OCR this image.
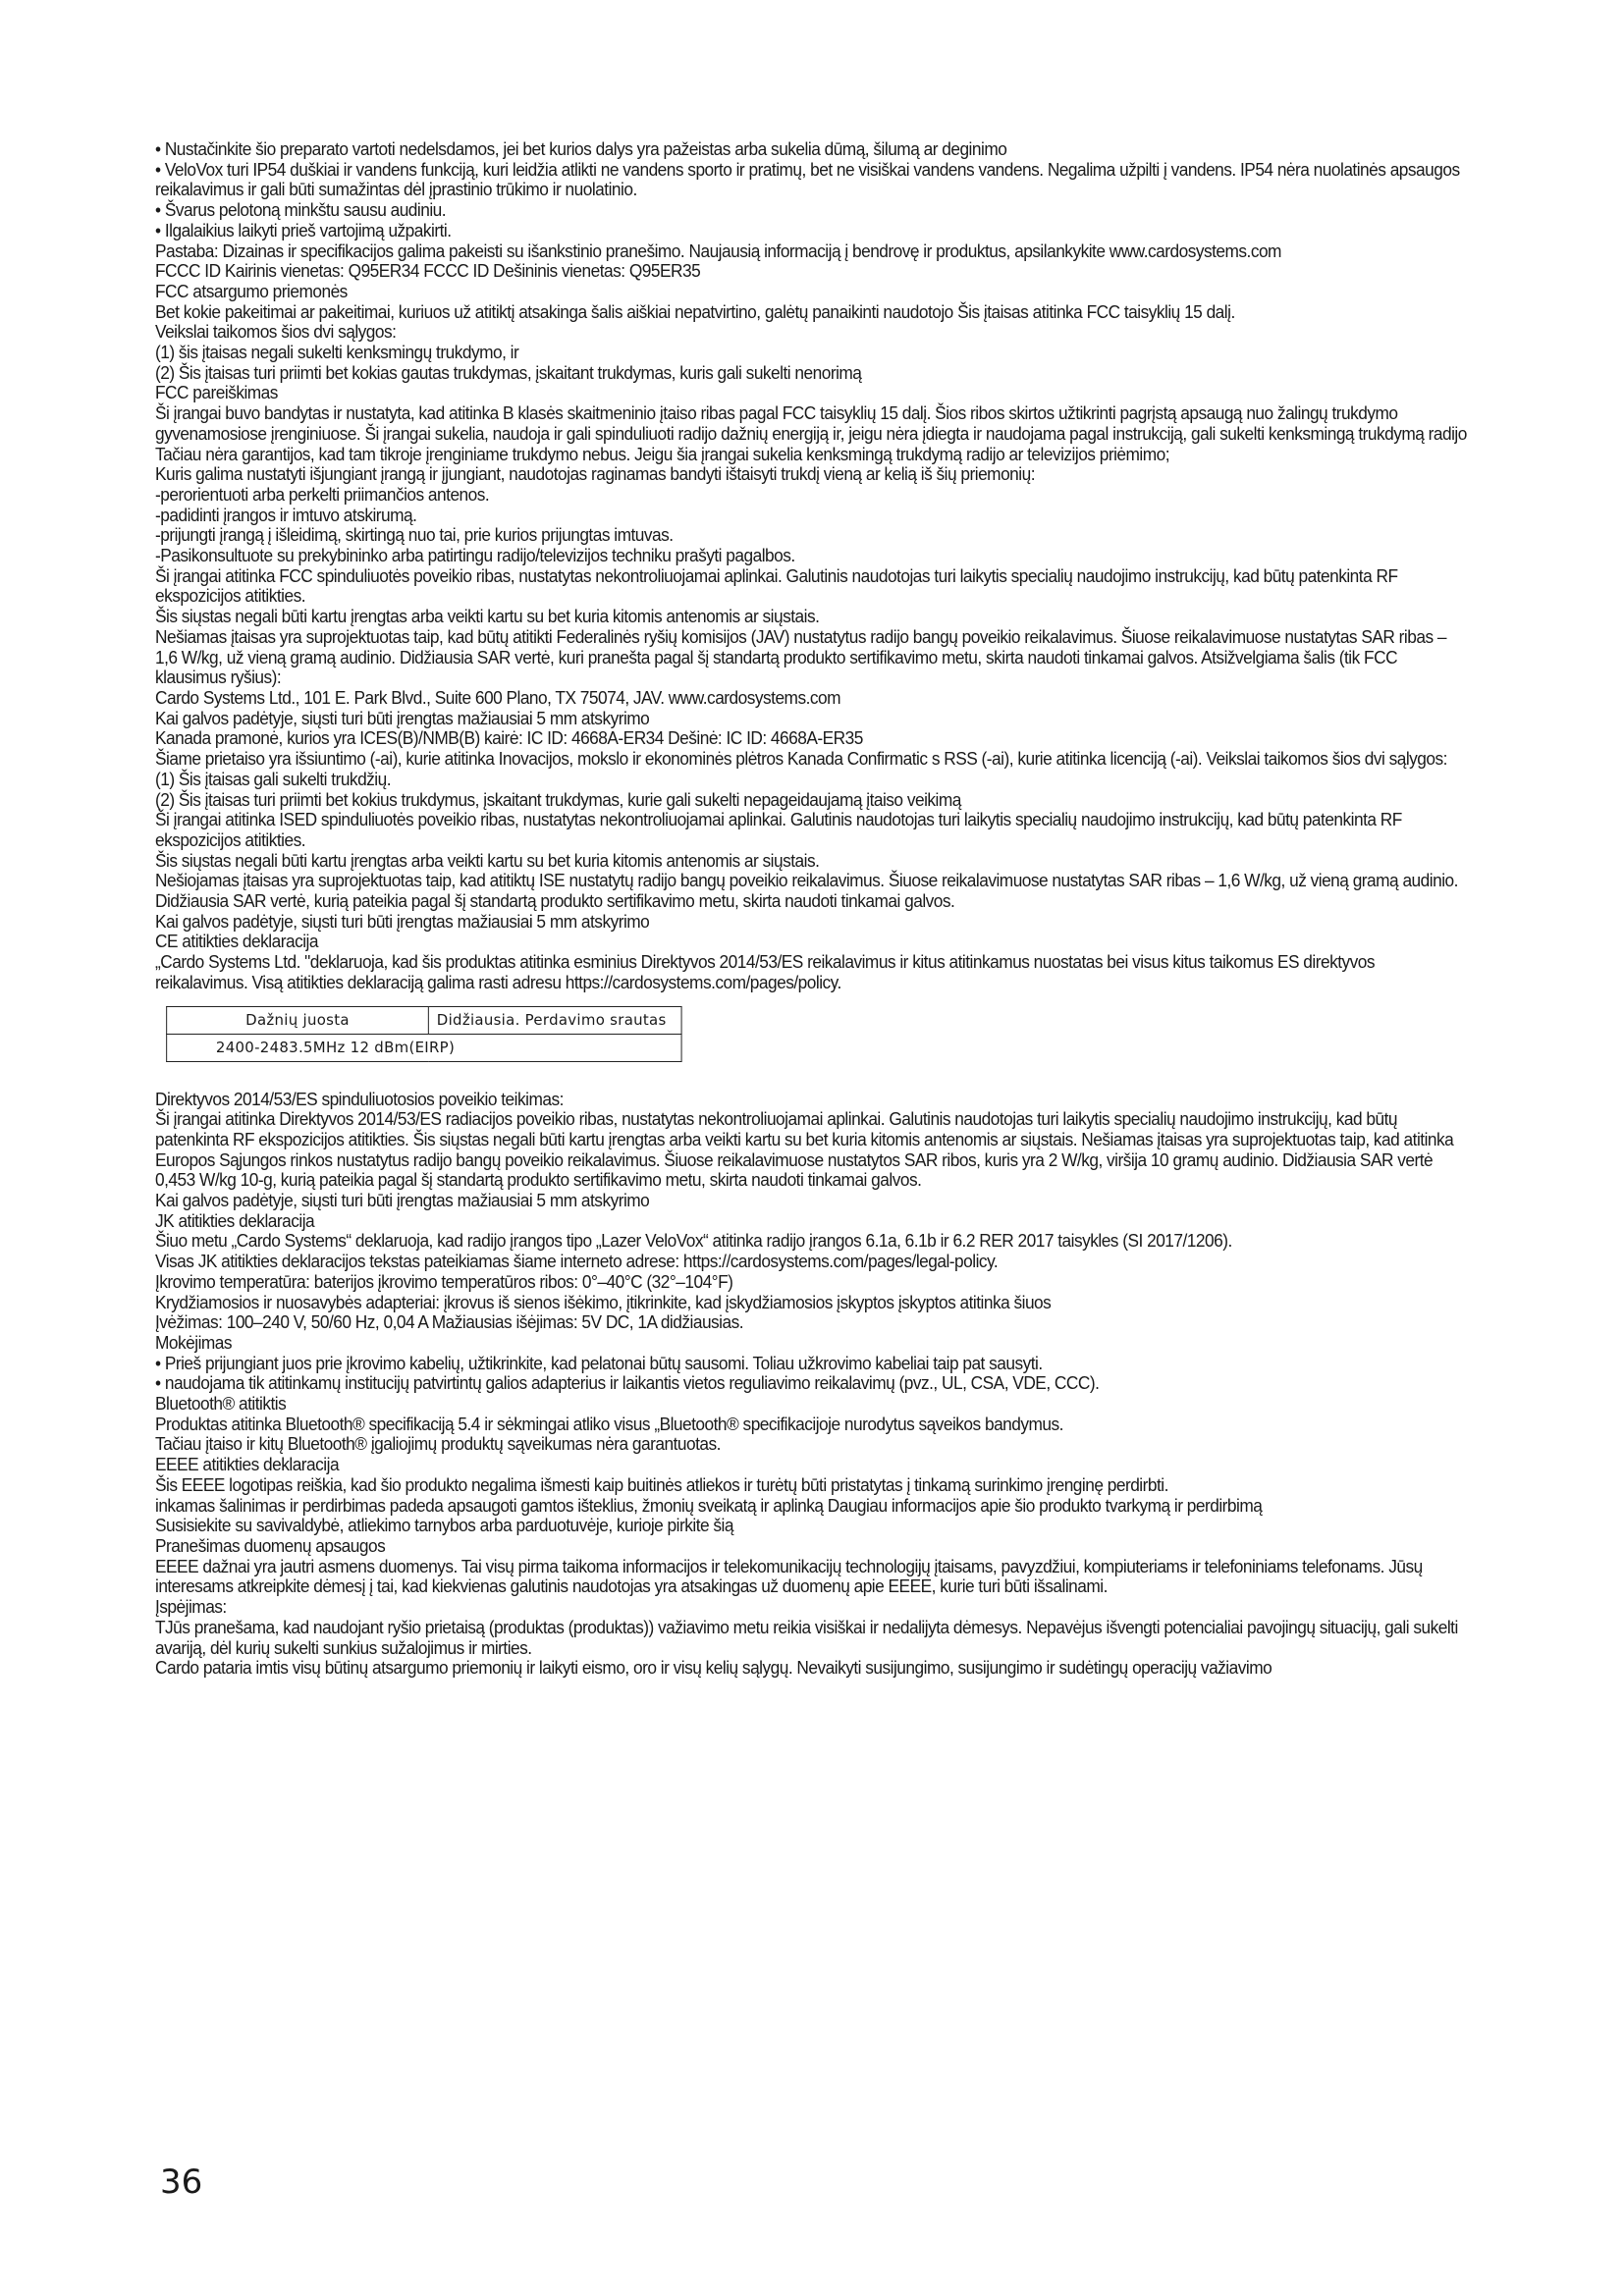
• Nustačinkite šio preparato vartoti nedelsdamos, jei bet kurios dalys yra pažeistas arba sukelia dūmą, šilumą ar deginimo

• VeloVox turi IP54 duškiai ir vandens funkciją, kuri leidžia atlikti ne vandens sporto ir pratimų, bet ne visiškai vandens vandens. Negalima užpilti į vandens. IP54 nėra nuolatinės apsaugos reikalavimus ir gali būti sumažintas dėl įprastinio trūkimo ir nuolatinio.

• Švarus pelotoną minkštu sausu audiniu.

• Ilgalaikius laikyti prieš vartojimą užpakirti.

Pastaba: Dizainas ir specifikacijos galima pakeisti su išankstinio pranešimo. Naujausią informaciją į bendrovę ir produktus, apsilankykite www.cardosystems.com

FCCC ID Kairinis vienetas: Q95ER34 FCCC ID Dešininis vienetas: Q95ER35

FCC atsargumo priemonės

Bet kokie pakeitimai ar pakeitimai, kuriuos už atitiktį atsakinga šalis aiškiai nepatvirtino, galėtų panaikinti naudotojo Šis įtaisas atitinka FCC taisyklių 15 dalį.

Veikslai taikomos šios dvi sąlygos:

(1) šis įtaisas negali sukelti kenksmingų trukdymo, ir

(2) Šis įtaisas turi priimti bet kokias gautas trukdymas, įskaitant trukdymas, kuris gali sukelti nenorimą

FCC pareiškimas

Ši įrangai buvo bandytas ir nustatyta, kad atitinka B klasės skaitmeninio įtaiso ribas pagal FCC taisyklių 15 dalį. Šios ribos skirtos užtikrinti pagrįstą apsaugą nuo žalingų trukdymo gyvenamosiose įrenginiuose. Ši įrangai sukelia, naudoja ir gali spinduliuoti radijo dažnių energiją ir, jeigu nėra įdiegta ir naudojama pagal instrukciją, gali sukelti kenksmingą trukdymą radijo Tačiau nėra garantijos, kad tam tikroje įrenginiame trukdymo nebus. Jeigu šia įrangai sukelia kenksmingą trukdymą radijo ar televizijos priėmimo;

Kuris galima nustatyti išjungiant įrangą ir įjungiant, naudotojas raginamas bandyti ištaisyti trukdį vieną ar kelią iš šių priemonių:

-perorientuoti arba perkelti priimančios antenos.

-padidinti įrangos ir imtuvo atskirumą.

-prijungti įrangą į išleidimą, skirtingą nuo tai, prie kurios prijungtas imtuvas.

-Pasikonsultuote su prekybininko arba patirtingu radijo/televizijos techniku prašyti pagalbos.

Ši įrangai atitinka FCC spinduliuotės poveikio ribas, nustatytas nekontroliuojamai aplinkai. Galutinis naudotojas turi laikytis specialių naudojimo instrukcijų, kad būtų patenkinta RF ekspozicijos atitikties.

Šis siųstas negali būti kartu įrengtas arba veikti kartu su bet kuria kitomis antenomis ar siųstais.

Nešiamas įtaisas yra suprojektuotas taip, kad būtų atitikti Federalinės ryšių komisijos (JAV) nustatytus radijo bangų poveikio reikalavimus. Šiuose reikalavimuose nustatytas SAR ribas – 1,6 W/kg, už vieną gramą audinio. Didžiausia SAR vertė, kuri pranešta pagal šį standartą produkto sertifikavimo metu, skirta naudoti tinkamai galvos. Atsižvelgiama šalis (tik FCC klausimus ryšius):

Cardo Systems Ltd., 101 E. Park Blvd., Suite 600 Plano, TX 75074, JAV. www.cardosystems.com

Kai galvos padėtyje, siųsti turi būti įrengtas mažiausiai 5 mm atskyrimo

Kanada pramonė, kurios yra ICES(B)/NMB(B) kairė: IC ID: 4668A-ER34 Dešinė: IC ID: 4668A-ER35

Šiame prietaiso yra išsiuntimo (-ai), kurie atitinka Inovacijos, mokslo ir ekonominės plėtros Kanada Confirmatic s RSS (-ai), kurie atitinka licenciją (-ai). Veikslai taikomos šios dvi sąlygos:

(1) Šis įtaisas gali sukelti trukdžių.

(2) Šis įtaisas turi priimti bet kokius trukdymus, įskaitant trukdymas, kurie gali sukelti nepageidaujamą įtaiso veikimą

Ši įrangai atitinka ISED spinduliuotės poveikio ribas, nustatytas nekontroliuojamai aplinkai. Galutinis naudotojas turi laikytis specialių naudojimo instrukcijų, kad būtų patenkinta RF ekspozicijos atitikties.

Šis siųstas negali būti kartu įrengtas arba veikti kartu su bet kuria kitomis antenomis ar siųstais.

Nešiojamas įtaisas yra suprojektuotas taip, kad atitiktų ISE nustatytų radijo bangų poveikio reikalavimus. Šiuose reikalavimuose nustatytas SAR ribas – 1,6 W/kg, už vieną gramą audinio.

Didžiausia SAR vertė, kurią pateikia pagal šį standartą produkto sertifikavimo metu, skirta naudoti tinkamai galvos.

Kai galvos padėtyje, siųsti turi būti įrengtas mažiausiai 5 mm atskyrimo

CE atitikties deklaracija

„Cardo Systems Ltd. "deklaruoja, kad šis produktas atitinka esminius Direktyvos 2014/53/ES reikalavimus ir kitus atitinkamus nuostatas bei visus kitus taikomus ES direktyvos reikalavimus. Visą atitikties deklaraciją galima rasti adresu https://cardosystems.com/pages/policy.

Dažnių juosta	Didžiausia. Perdavimo srautas
2400-2483.5MHz 12 dBm(EIRP)

Direktyvos 2014/53/ES spinduliuotosios poveikio teikimas:

Ši įrangai atitinka Direktyvos 2014/53/ES radiacijos poveikio ribas, nustatytas nekontroliuojamai aplinkai. Galutinis naudotojas turi laikytis specialių naudojimo instrukcijų, kad būtų patenkinta RF ekspozicijos atitikties. Šis siųstas negali būti kartu įrengtas arba veikti kartu su bet kuria kitomis antenomis ar siųstais. Nešiamas įtaisas yra suprojektuotas taip, kad atitinka Europos Sąjungos rinkos nustatytus radijo bangų poveikio reikalavimus. Šiuose reikalavimuose nustatytos SAR ribos, kuris yra 2 W/kg, viršija 10 gramų audinio. Didžiausia SAR vertė 0,453 W/kg 10-g, kurią pateikia pagal šį standartą produkto sertifikavimo metu, skirta naudoti tinkamai galvos.

Kai galvos padėtyje, siųsti turi būti įrengtas mažiausiai 5 mm atskyrimo

JK atitikties deklaracija

Šiuo metu „Cardo Systems“ deklaruoja, kad radijo įrangos tipo „Lazer VeloVox“ atitinka radijo įrangos 6.1a, 6.1b ir 6.2 RER 2017 taisykles (SI 2017/1206).

Visas JK atitikties deklaracijos tekstas pateikiamas šiame interneto adrese: https://cardosystems.com/pages/legal-policy.

Įkrovimo temperatūra: baterijos įkrovimo temperatūros ribos: 0°–40°C (32°–104°F)

Krydžiamosios ir nuosavybės adapteriai: įkrovus iš sienos išėkimo, įtikrinkite, kad įskydžiamosios įskyptos įskyptos atitinka šiuos

Įvėžimas: 100–240 V, 50/60 Hz, 0,04 A Mažiausias išėjimas: 5V DC, 1A didžiausias.

Mokėjimas

• Prieš prijungiant juos prie įkrovimo kabelių, užtikrinkite, kad pelatonai būtų sausomi. Toliau užkrovimo kabeliai taip pat sausyti.

• naudojama tik atitinkamų institucijų patvirtintų galios adapterius ir laikantis vietos reguliavimo reikalavimų (pvz., UL, CSA, VDE, CCC).

Bluetooth® atitiktis

Produktas atitinka Bluetooth® specifikaciją 5.4 ir sėkmingai atliko visus „Bluetooth® specifikacijoje nurodytus sąveikos bandymus.

Tačiau įtaiso ir kitų Bluetooth® įgaliojimų produktų sąveikumas nėra garantuotas.

EEEE atitikties deklaracija

Šis EEEE logotipas reiškia, kad šio produkto negalima išmesti kaip buitinės atliekos ir turėtų būti pristatytas į tinkamą surinkimo įrenginę perdirbti.

inkamas šalinimas ir perdirbimas padeda apsaugoti gamtos išteklius, žmonių sveikatą ir aplinką Daugiau informacijos apie šio produkto tvarkymą ir perdirbimą

Susisiekite su savivaldybė, atliekimo tarnybos arba parduotuvėje, kurioje pirkite šią

Pranešimas duomenų apsaugos

EEEE dažnai yra jautri asmens duomenys. Tai visų pirma taikoma informacijos ir telekomunikacijų technologijų įtaisams, pavyzdžiui, kompiuteriams ir telefoniniams telefonams. Jūsų interesams atkreipkite dėmesį į tai, kad kiekvienas galutinis naudotojas yra atsakingas už duomenų apie EEEE, kurie turi būti išsalinami.

Įspėjimas:

TJūs pranešama, kad naudojant ryšio prietaisą (produktas (produktas)) važiavimo metu reikia visiškai ir nedalijyta dėmesys. Nepavėjus išvengti potencialiai pavojingų situacijų, gali sukelti avariją, dėl kurių sukelti sunkius sužalojimus ir mirties.

Cardo pataria imtis visų būtinų atsargumo priemonių ir laikyti eismo, oro ir visų kelių sąlygų. Nevaikyti susijungimo, susijungimo ir sudėtingų operacijų važiavimo

36
